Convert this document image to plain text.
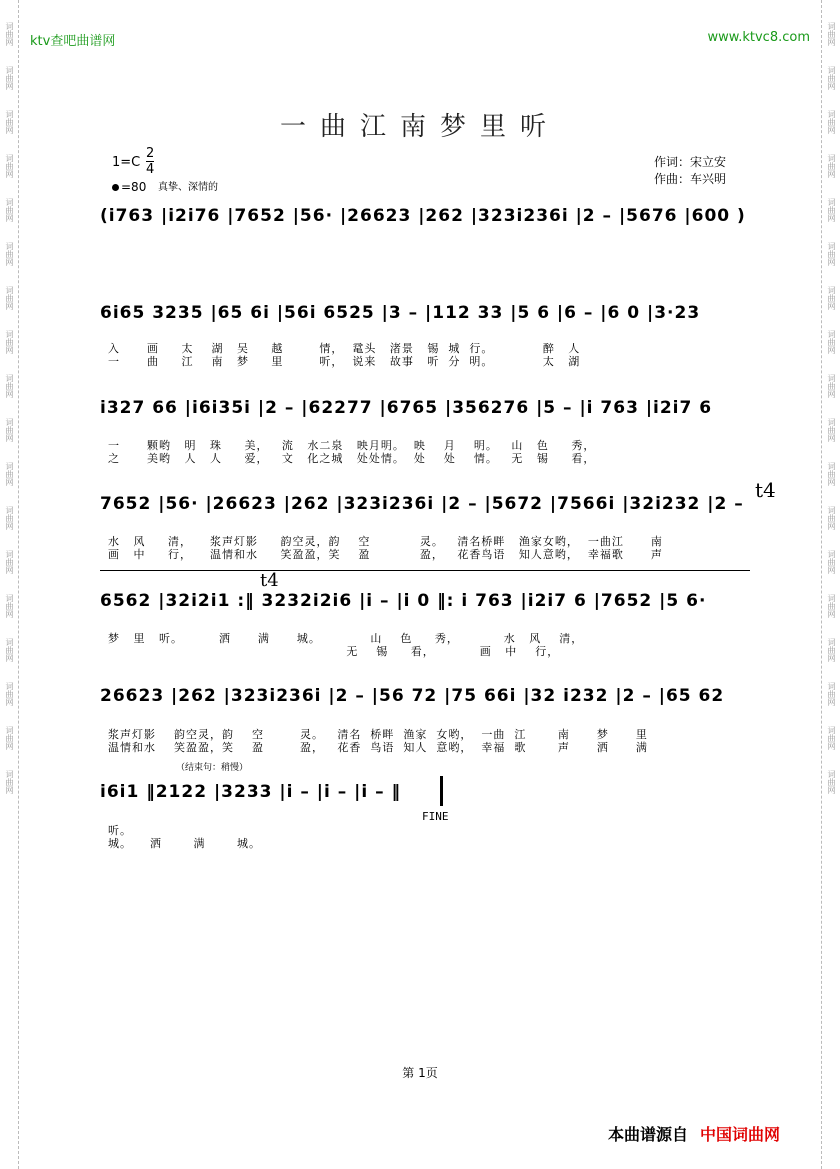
词曲网
词曲网
词曲网
词曲网
词曲网
词曲网
词曲网
词曲网
词曲网
词曲网
词曲网
词曲网
词曲网
词曲网
词曲网
词曲网
词曲网
词曲网
词曲网
词曲网
词曲网
词曲网
词曲网
词曲网
词曲网
词曲网
词曲网
词曲网
词曲网
词曲网
词曲网
词曲网
词曲网
词曲网
词曲网
词曲网
ktv查吧曲谱网	www.ktvc8.com
一曲江南梦里听
$1=C \frac{2}{4}$
=80 真挚、深情的
作词：宋立安
作曲：车兴明
(i763 |i2i76 |7652 |56· |26623 |262 |323i236i |2 – |5676 |600 )
6i65 3235 |65 6i |56i 6525 |3 – |112 33 |5 6 |6 – |6 0 |3·23
入      画     太    湖   吴     越        情，  鼋头   渚景   锡  城  行。           醉   人
一      曲     江    南   梦     里        听，  说来   故事   听  分  明。           太   湖
i327 66 |i6i35i |2 – |62277 |6765 |356276 |5 – |i 763 |i2i7 6
一      颗哟   明   珠     美，   流   水二泉   映月明。  映    月    明。   山   色     秀，
之      美哟   人   人     爱，   文   化之城   处处情。  处    处    情。   无   锡     看，
7652 |56· |26623 |262 |323i236i |2 – |5672 |7566i |32i232 |2 –
t4
水   风     清，    浆声灯影     韵空灵，韵    空           灵。   清名桥畔   渔家女哟，  一曲江      南
画   中     行，    温情和水     笑盈盈，笑    盈           盈，   花香鸟语   知人意哟，  幸福歌      声
6562 |32i2i1 :‖ 3232i2i6 |i – |i 0 ‖: i 763 |i2i7 6 |7652 |5 6·
t4
梦   里   听。        洒      满      城。           山    色     秀，          水   风    清，
无    锡     看，          画   中    行，
26623 |262 |323i236i |2 – |56 72 |75 66i |32 i232 |2 – |65 62
浆声灯影    韵空灵，韵    空        灵。   清名  桥畔  渔家  女哟，  一曲  江       南      梦      里
温情和水    笑盈盈，笑    盈        盈，   花香  鸟语  知人  意哟，  幸福  歌       声      洒      满
（结束句：稍慢）
i6i1 ‖2122 |3233 |i – |i – |i – ‖
FINE
听。
城。    洒       满       城。
第 1页
本曲谱源自 中国词曲网
